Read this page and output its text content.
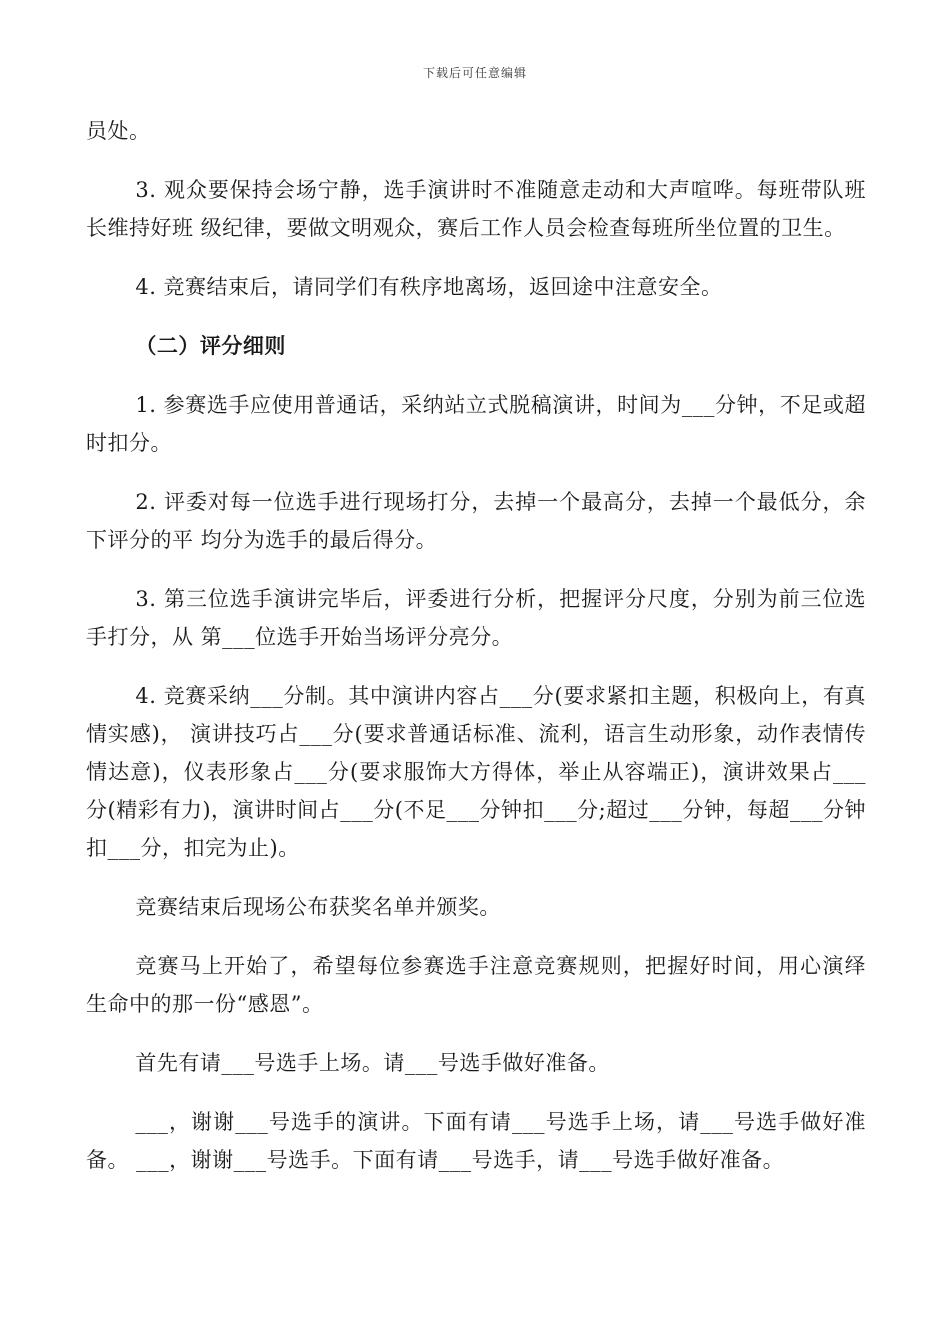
下载后可任意编辑

员处。

3. 观众要保持会场宁静，选手演讲时不准随意走动和大声喧哗。每班带队班长维持好班 级纪律，要做文明观众，赛后工作人员会检查每班所坐位置的卫生。

4. 竞赛结束后，请同学们有秩序地离场，返回途中注意安全。

（二）评分细则

1. 参赛选手应使用普通话，采纳站立式脱稿演讲，时间为___分钟，不足或超时扣分。

2. 评委对每一位选手进行现场打分，去掉一个最高分，去掉一个最低分，余下评分的平 均分为选手的最后得分。

3. 第三位选手演讲完毕后，评委进行分析，把握评分尺度，分别为前三位选手打分，从 第___位选手开始当场评分亮分。

4. 竞赛采纳___分制。其中演讲内容占___分(要求紧扣主题，积极向上，有真情实感)， 演讲技巧占___分(要求普通话标准、流利，语言生动形象，动作表情传情达意)，仪表形象占___分(要求服饰大方得体，举止从容端正)，演讲效果占___分(精彩有力)，演讲时间占___分(不足___分钟扣___分;超过___分钟，每超___分钟扣___分，扣完为止)。

竞赛结束后现场公布获奖名单并颁奖。

竞赛马上开始了，希望每位参赛选手注意竞赛规则，把握好时间，用心演绎生命中的那一份“感恩”。

首先有请___号选手上场。请___号选手做好准备。

___，谢谢___号选手的演讲。下面有请___号选手上场，请___号选手做好准备。 ___，谢谢___号选手。下面有请___号选手，请___号选手做好准备。
